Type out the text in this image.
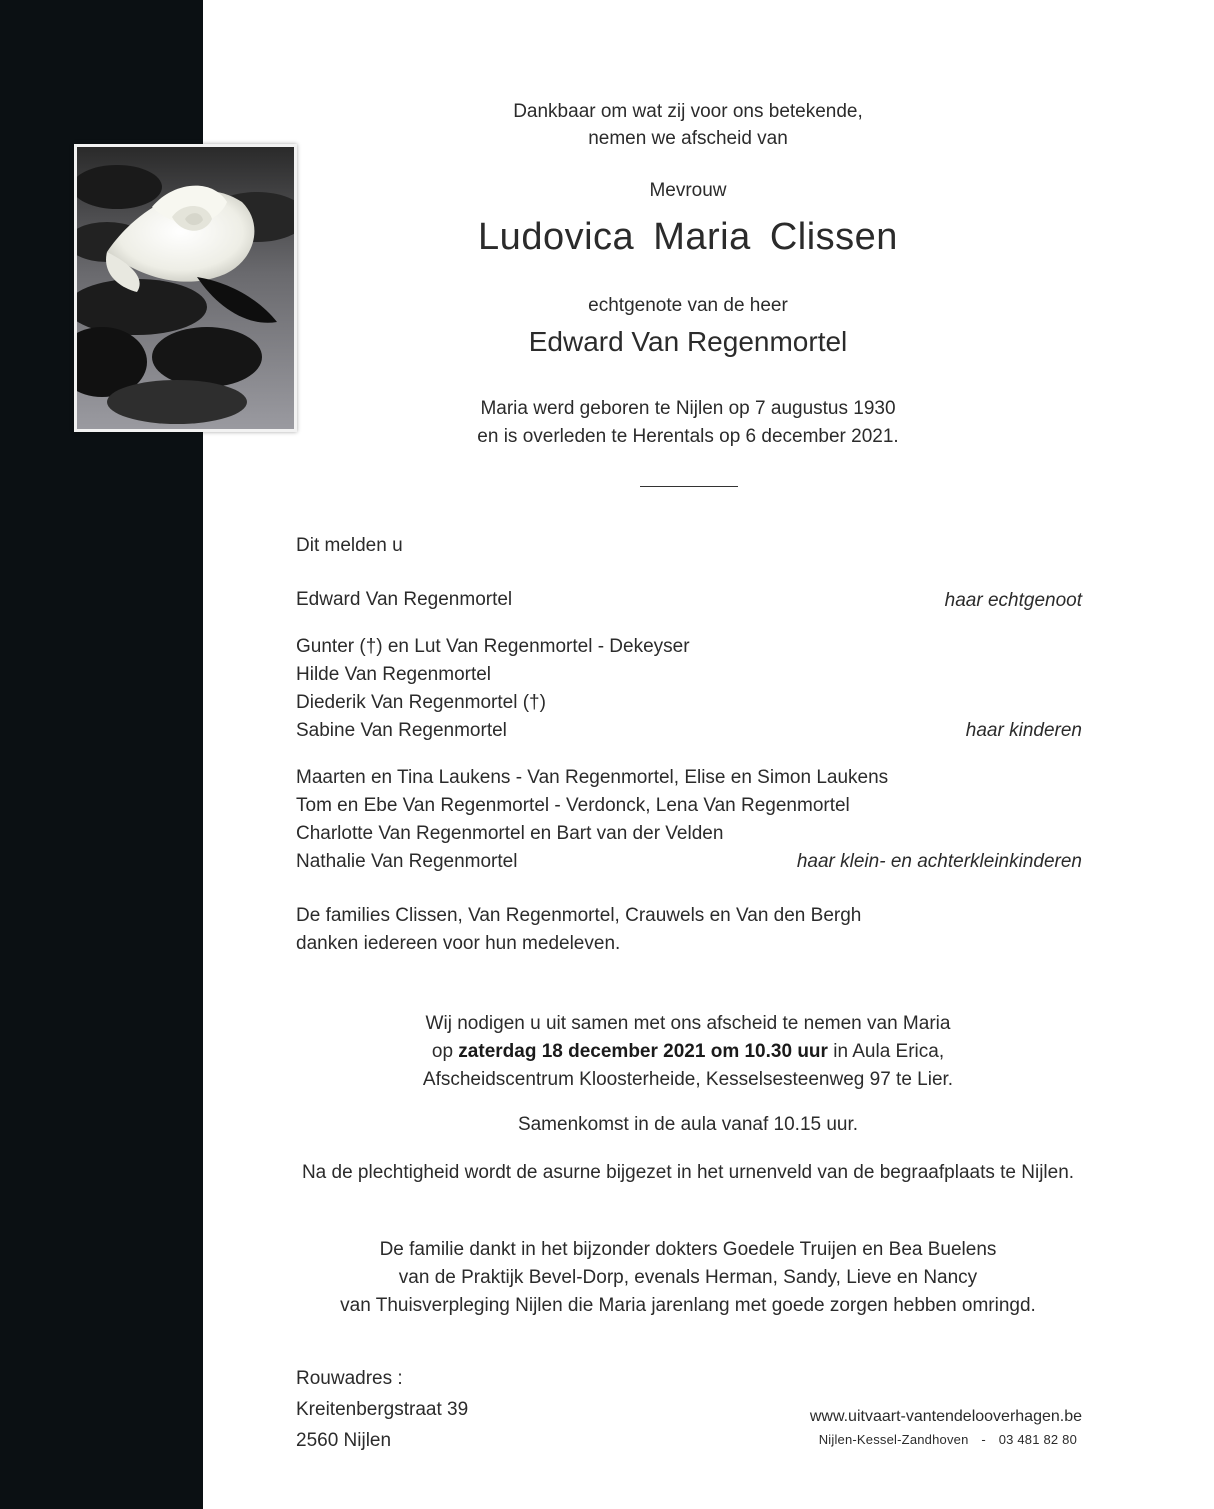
Dankbaar om wat zij voor ons betekende,
nemen we afscheid van
Mevrouw
Ludovica Maria Clissen
echtgenote van de heer
Edward Van Regenmortel
Maria werd geboren te Nijlen op 7 augustus 1930
en is overleden te Herentals op 6 december 2021.
Dit melden u
Edward Van Regenmortel	haar echtgenoot
Gunter (†) en Lut Van Regenmortel - Dekeyser
Hilde Van Regenmortel
Diederik Van Regenmortel (†)
Sabine Van Regenmortel	haar kinderen
Maarten en Tina Laukens - Van Regenmortel, Elise en Simon Laukens
Tom en Ebe Van Regenmortel - Verdonck, Lena Van Regenmortel
Charlotte Van Regenmortel en Bart van der Velden
Nathalie Van Regenmortel	haar klein- en achterkleinkinderen
De families Clissen, Van Regenmortel, Crauwels en Van den Bergh
danken iedereen voor hun medeleven.
Wij nodigen u uit samen met ons afscheid te nemen van Maria
op zaterdag 18 december 2021 om 10.30 uur in Aula Erica,
Afscheidscentrum Kloosterheide, Kesselsesteenweg 97 te Lier.
Samenkomst in de aula vanaf 10.15 uur.
Na de plechtigheid wordt de asurne bijgezet in het urnenveld van de begraafplaats te Nijlen.
De familie dankt in het bijzonder dokters Goedele Truijen en Bea Buelens
van de Praktijk Bevel-Dorp, evenals Herman, Sandy, Lieve en Nancy
van Thuisverpleging Nijlen die Maria jarenlang met goede zorgen hebben omringd.
Rouwadres :
Kreitenbergstraat 39
2560 Nijlen
www.uitvaart-vantendelooverhagen.be
Nijlen-Kessel-Zandhoven - 03 481 82 80
